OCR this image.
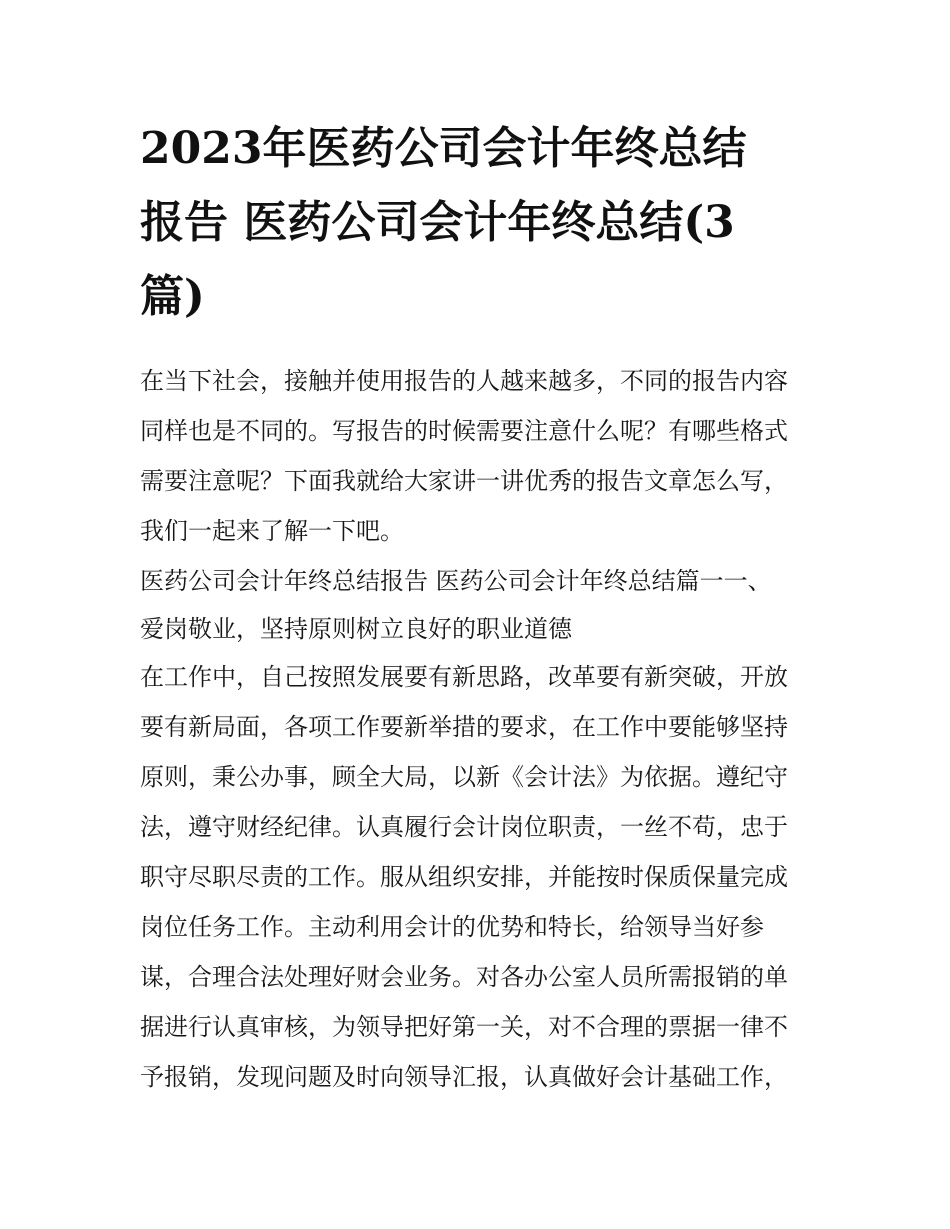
2023年医药公司会计年终总结
报告 医药公司会计年终总结(3
篇)
在当下社会，接触并使用报告的人越来越多，不同的报告内容
同样也是不同的。写报告的时候需要注意什么呢？有哪些格式
需要注意呢？下面我就给大家讲一讲优秀的报告文章怎么写，
我们一起来了解一下吧。
医药公司会计年终总结报告 医药公司会计年终总结篇一一、
爱岗敬业，坚持原则树立良好的职业道德
在工作中，自己按照发展要有新思路，改革要有新突破，开放
要有新局面，各项工作要新举措的要求，在工作中要能够坚持
原则，秉公办事，顾全大局，以新《会计法》为依据。遵纪守
法，遵守财经纪律。认真履行会计岗位职责，一丝不苟，忠于
职守尽职尽责的工作。服从组织安排，并能按时保质保量完成
岗位任务工作。主动利用会计的优势和特长，给领导当好参
谋，合理合法处理好财会业务。对各办公室人员所需报销的单
据进行认真审核，为领导把好第一关，对不合理的票据一律不
予报销，发现问题及时向领导汇报，认真做好会计基础工作，
